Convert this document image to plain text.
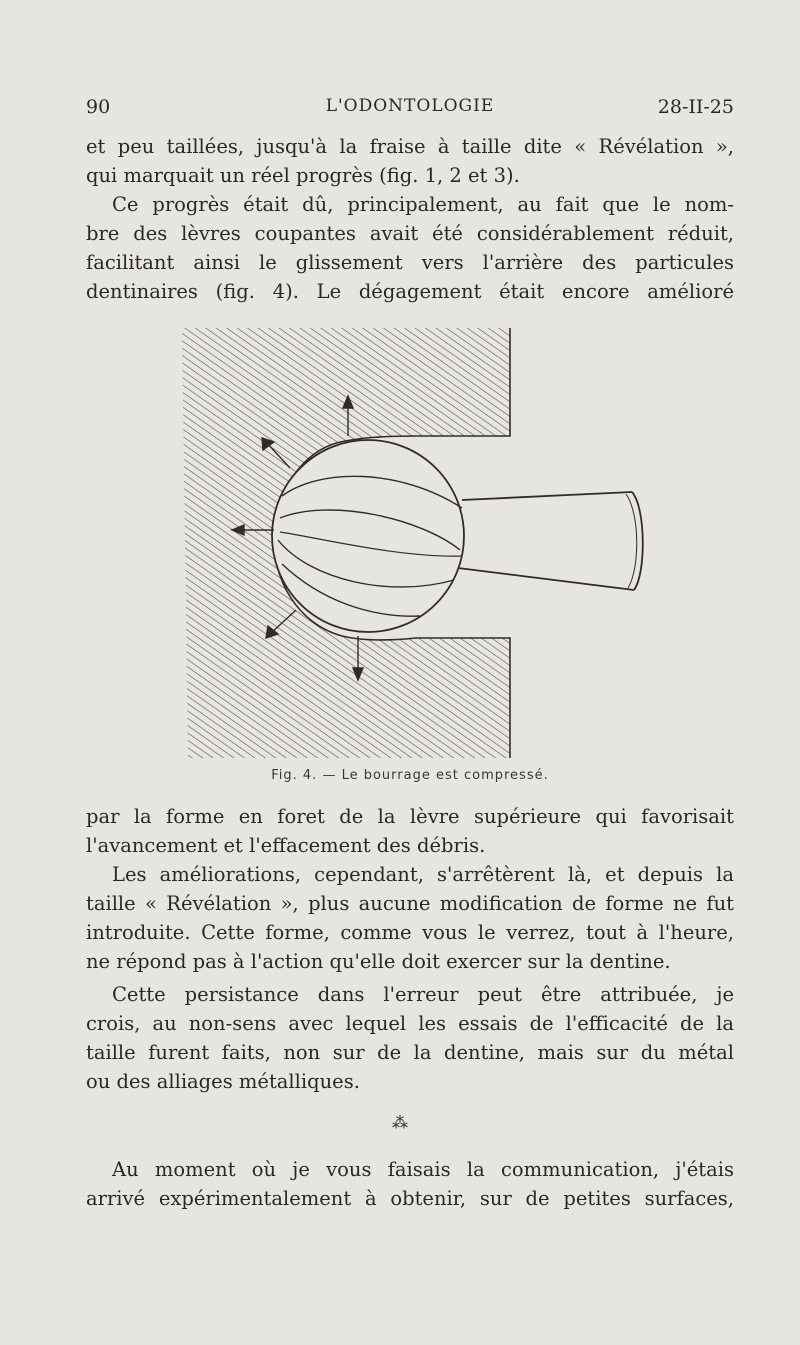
90	L'ODONTOLOGIE	28-II-25
et peu taillées, jusqu'à la fraise à taille dite « Révélation »,
qui marquait un réel progrès (fig. 1, 2 et 3).
Ce progrès était dû, principalement, au fait que le nom-
bre des lèvres coupantes avait été considérablement réduit,
facilitant ainsi le glissement vers l'arrière des particules
dentinaires (fig. 4). Le dégagement était encore amélioré
Fig. 4. — Le bourrage est compressé.
par la forme en foret de la lèvre supérieure qui favorisait
l'avancement et l'effacement des débris.
Les améliorations, cependant, s'arrêtèrent là, et depuis la
taille « Révélation », plus aucune modification de forme ne fut
introduite. Cette forme, comme vous le verrez, tout à l'heure,
ne répond pas à l'action qu'elle doit exercer sur la dentine.
Cette persistance dans l'erreur peut être attribuée, je
crois, au non-sens avec lequel les essais de l'efficacité de la
taille furent faits, non sur de la dentine, mais sur du métal
ou des alliages métalliques.
⁂
Au moment où je vous faisais la communication, j'étais
arrivé expérimentalement à obtenir, sur de petites surfaces,
